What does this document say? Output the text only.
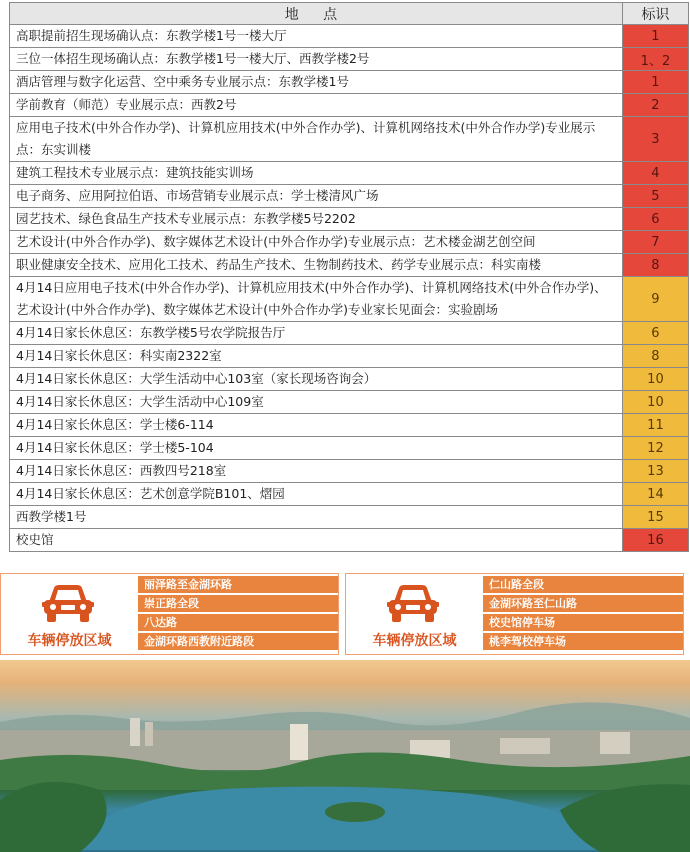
地 点	标识
高职提前招生现场确认点：东教学楼1号一楼大厅	1
三位一体招生现场确认点：东教学楼1号一楼大厅、西教学楼2号	1、2
酒店管理与数字化运营、空中乘务专业展示点：东教学楼1号	1
学前教育（师范）专业展示点：西教2号	2
应用电子技术(中外合作办学)、计算机应用技术(中外合作办学)、计算机网络技术(中外合作办学)专业展示点：东实训楼	3
建筑工程技术专业展示点：建筑技能实训场	4
电子商务、应用阿拉伯语、市场营销专业展示点：学士楼清风广场	5
园艺技术、绿色食品生产技术专业展示点：东教学楼5号2202	6
艺术设计(中外合作办学)、数字媒体艺术设计(中外合作办学)专业展示点：艺术楼金湖艺创空间	7
职业健康安全技术、应用化工技术、药品生产技术、生物制药技术、药学专业展示点：科实南楼	8
4月14日应用电子技术(中外合作办学)、计算机应用技术(中外合作办学)、计算机网络技术(中外合作办学)、艺术设计(中外合作办学)、数字媒体艺术设计(中外合作办学)专业家长见面会：实验剧场	9
4月14日家长休息区：东教学楼5号农学院报告厅	6
4月14日家长休息区：科实南2322室	8
4月14日家长休息区：大学生活动中心103室（家长现场咨询会）	10
4月14日家长休息区：大学生活动中心109室	10
4月14日家长休息区：学士楼6-114	11
4月14日家长休息区：学士楼5-104	12
4月14日家长休息区：西教四号218室	13
4月14日家长休息区：艺术创意学院B101、熠园	14
西教学楼1号	15
校史馆	16
车辆停放区域
丽泽路至金湖环路
崇正路全段
八达路
金湖环路西教附近路段	车辆停放区域
仁山路全段
金湖环路至仁山路
校史馆停车场
桃李驾校停车场
